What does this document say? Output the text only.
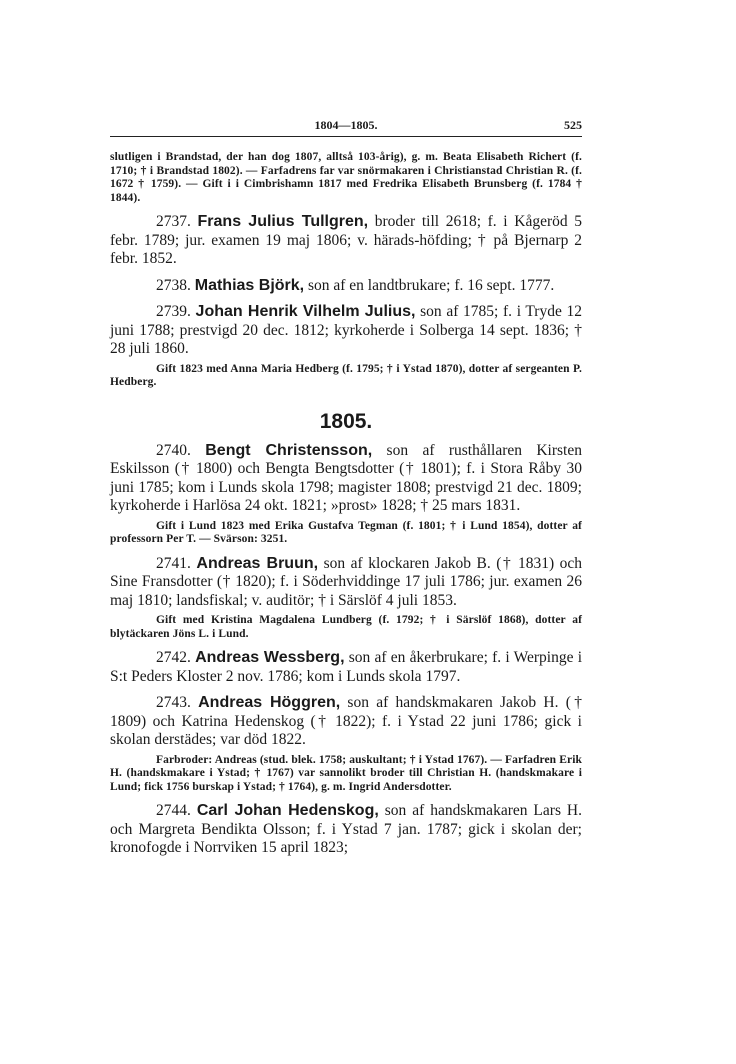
1804—1805.	525

slutligen i Brandstad, der han dog 1807, alltså 103-årig), g. m. Beata Elisabeth Richert (f. 1710; † i Brandstad 1802). — Farfadrens far var snörmakaren i Christianstad Christian R. (f. 1672 † 1759). — Gift i i Cimbrishamn 1817 med Fredrika Elisabeth Brunsberg (f. 1784 † 1844).

2737. Frans Julius Tullgren, broder till 2618; f. i Kågeröd 5 febr. 1789; jur. examen 19 maj 1806; v. härads-höfding; † på Bjernarp 2 febr. 1852.

2738. Mathias Björk, son af en landtbrukare; f. 16 sept. 1777.

2739. Johan Henrik Vilhelm Julius, son af 1785; f. i Tryde 12 juni 1788; prestvigd 20 dec. 1812; kyrkoherde i Solberga 14 sept. 1836; † 28 juli 1860.

Gift 1823 med Anna Maria Hedberg (f. 1795; † i Ystad 1870), dotter af sergeanten P. Hedberg.

1805.

2740. Bengt Christensson, son af rusthållaren Kirsten Eskilsson († 1800) och Bengta Bengtsdotter († 1801); f. i Stora Råby 30 juni 1785; kom i Lunds skola 1798; magister 1808; prestvigd 21 dec. 1809; kyrkoherde i Harlösa 24 okt. 1821; »prost» 1828; † 25 mars 1831.

Gift i Lund 1823 med Erika Gustafva Tegman (f. 1801; † i Lund 1854), dotter af professorn Per T. — Svärson: 3251.

2741. Andreas Bruun, son af klockaren Jakob B. († 1831) och Sine Fransdotter († 1820); f. i Söderhviddinge 17 juli 1786; jur. examen 26 maj 1810; landsfiskal; v. auditör; † i Särslöf 4 juli 1853.

Gift med Kristina Magdalena Lundberg (f. 1792; † i Särslöf 1868), dotter af blytäckaren Jöns L. i Lund.

2742. Andreas Wessberg, son af en åkerbrukare; f. i Werpinge i S:t Peders Kloster 2 nov. 1786; kom i Lunds skola 1797.

2743. Andreas Höggren, son af handskmakaren Jakob H. († 1809) och Katrina Hedenskog († 1822); f. i Ystad 22 juni 1786; gick i skolan derstädes; var död 1822.

Farbroder: Andreas (stud. blek. 1758; auskultant; † i Ystad 1767). — Farfadren Erik H. (handskmakare i Ystad; † 1767) var sannolikt broder till Christian H. (handskmakare i Lund; fick 1756 burskap i Ystad; † 1764), g. m. Ingrid Andersdotter.

2744. Carl Johan Hedenskog, son af handskmakaren Lars H. och Margreta Bendikta Olsson; f. i Ystad 7 jan. 1787; gick i skolan der; kronofogde i Norrviken 15 april 1823;
